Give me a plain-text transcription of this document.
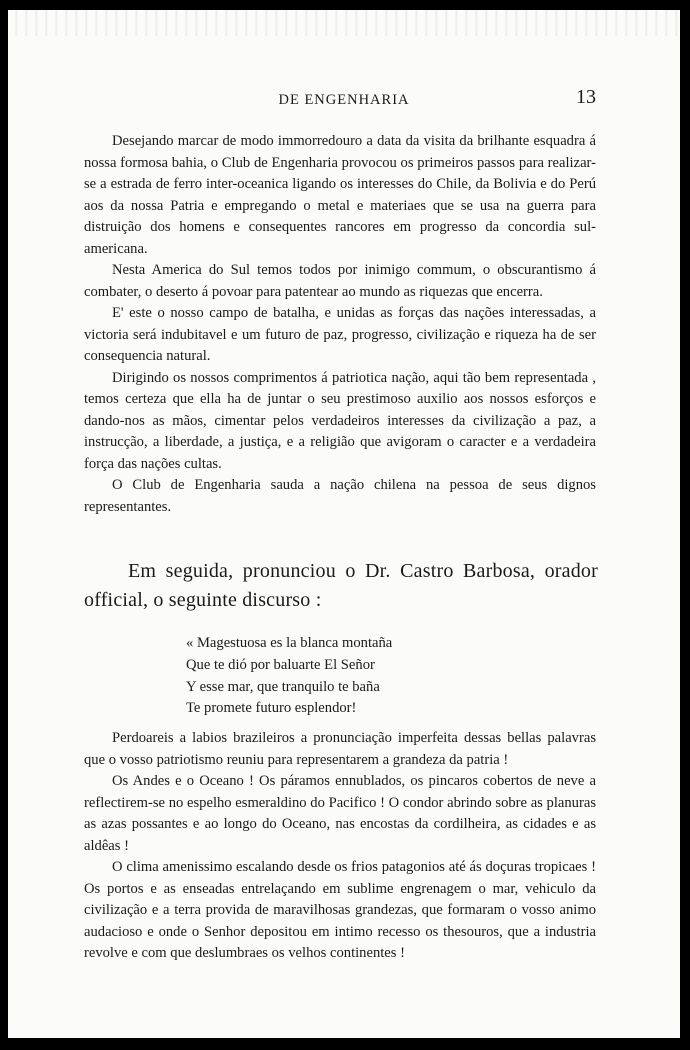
DE ENGENHARIA	13

Desejando marcar de modo immorredouro a data da visita da brilhante esquadra á nossa formosa bahia, o Club de Engenharia provocou os primeiros passos para realizar-se a estrada de ferro inter-oceanica ligando os interesses do Chile, da Bolivia e do Perú aos da nossa Patria e empregando o metal e materiaes que se usa na guerra para distruição dos homens e consequentes rancores em progresso da concordia sul-americana.

Nesta America do Sul temos todos por inimigo commum, o obscurantismo á combater, o deserto á povoar para patentear ao mundo as riquezas que encerra.

E' este o nosso campo de batalha, e unidas as forças das nações interessadas, a victoria será indubitavel e um futuro de paz, progresso, civilização e riqueza ha de ser consequencia natural.

Dirigindo os nossos comprimentos á patriotica nação, aqui tão bem representada , temos certeza que ella ha de juntar o seu prestimoso auxilio aos nossos esforços e dando-nos as mãos, cimentar pelos verdadeiros interesses da civilização a paz, a instrucção, a liberdade, a justiça, e a religião que avigoram o caracter e a verdadeira força das nações cultas.

O Club de Engenharia sauda a nação chilena na pessoa de seus dignos representantes.

Em seguida, pronunciou o Dr. Castro Barbosa, orador official, o seguinte discurso :
« Magestuosa es la blanca montaña
Que te dió por baluarte El Señor
Y esse mar, que tranquilo te baña
Te promete futuro esplendor!

Perdoareis a labios brazileiros a pronunciação imperfeita dessas bellas palavras que o vosso patriotismo reuniu para representarem a grandeza da patria !

Os Andes e o Oceano ! Os páramos ennublados, os pincaros cobertos de neve a reflectirem-se no espelho esmeraldino do Pacifico ! O condor abrindo sobre as planuras as azas possantes e ao longo do Oceano, nas encostas da cordilheira, as cidades e as aldêas !

O clima amenissimo escalando desde os frios patagonios até ás doçuras tropicaes ! Os portos e as enseadas entrelaçando em sublime engrenagem o mar, vehiculo da civilização e a terra provida de maravilhosas grandezas, que formaram o vosso animo audacioso e onde o Senhor depositou em intimo recesso os thesouros, que a industria revolve e com que deslumbraes os velhos continentes !
